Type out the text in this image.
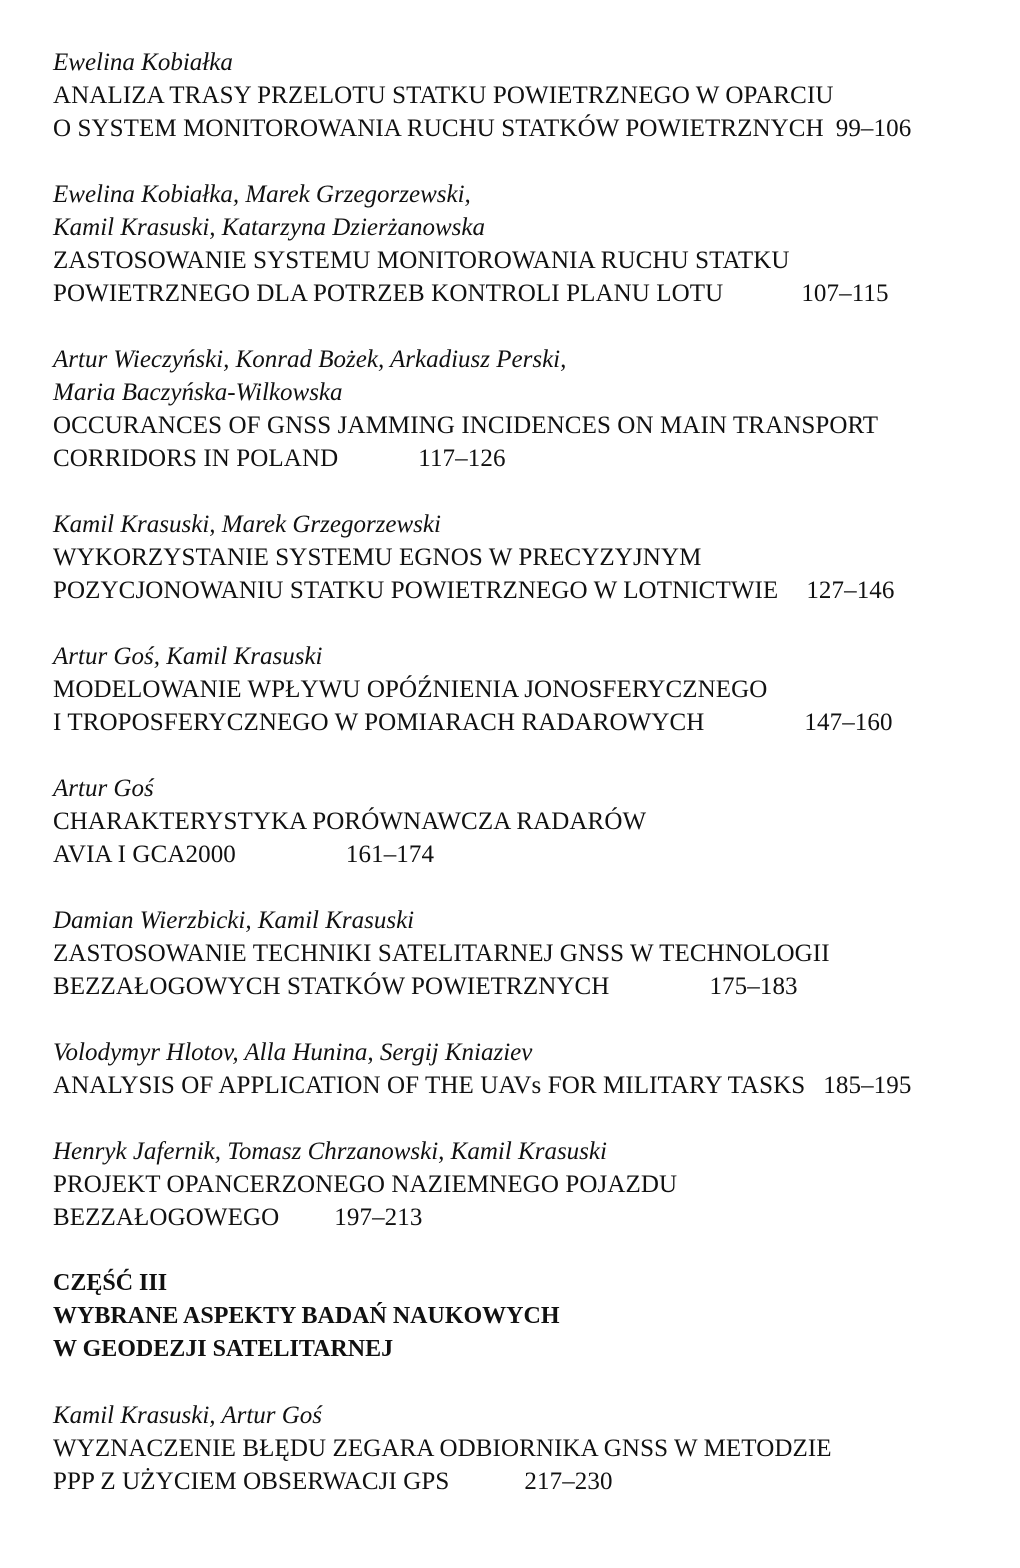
Ewelina Kobiałka
ANALIZA TRASY PRZELOTU STATKU POWIETRZNEGO W OPARCIU
O SYSTEM MONITOROWANIA RUCHU STATKÓW POWIETRZNYCH 99–106
Ewelina Kobiałka, Marek Grzegorzewski,
Kamil Krasuski, Katarzyna Dzierżanowska
ZASTOSOWANIE SYSTEMU MONITOROWANIA RUCHU STATKU
POWIETRZNEGO DLA POTRZEB KONTROLI PLANU LOTU	107–115
Artur Wieczyński, Konrad Bożek, Arkadiusz Perski,
Maria Baczyńska-Wilkowska
OCCURANCES OF GNSS JAMMING INCIDENCES ON MAIN TRANSPORT
CORRIDORS IN POLAND	117–126
Kamil Krasuski, Marek Grzegorzewski
WYKORZYSTANIE SYSTEMU EGNOS W PRECYZYJNYM
POZYCJONOWANIU STATKU POWIETRZNEGO W LOTNICTWIE 127–146
Artur Goś, Kamil Krasuski
MODELOWANIE WPŁYWU OPÓŹNIENIA JONOSFERYCZNEGO
I TROPOSFERYCZNEGO W POMIARACH RADAROWYCH	147–160
Artur Goś
CHARAKTERYSTYKA PORÓWNAWCZA RADARÓW
AVIA I GCA2000	161–174
Damian Wierzbicki, Kamil Krasuski
ZASTOSOWANIE TECHNIKI SATELITARNEJ GNSS W TECHNOLOGII
BEZZAŁOGOWYCH STATKÓW POWIETRZNYCH	175–183
Volodymyr Hlotov, Alla Hunina, Sergij Kniaziev
ANALYSIS OF APPLICATION OF THE UAVs FOR MILITARY TASKS 185–195
Henryk Jafernik, Tomasz Chrzanowski, Kamil Krasuski
PROJEKT OPANCERZONEGO NAZIEMNEGO POJAZDU
BEZZAŁOGOWEGO 197–213
CZĘŚĆ III
WYBRANE ASPEKTY BADAŃ NAUKOWYCH
W GEODEZJI SATELITARNEJ
Kamil Krasuski, Artur Goś
WYZNACZENIE BŁĘDU ZEGARA ODBIORNIKA GNSS W METODZIE
PPP Z UŻYCIEM OBSERWACJI GPS	217–230
